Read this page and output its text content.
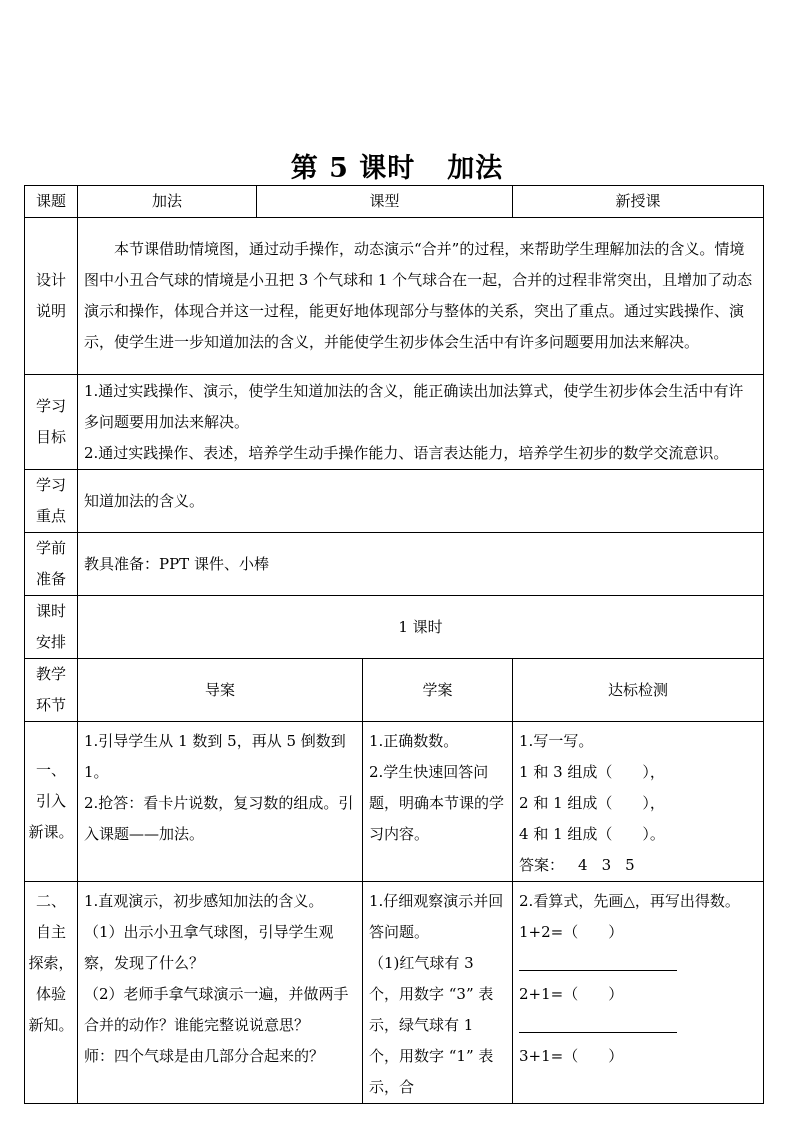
第 5 课时 加法
课题	加法	课型		新授课

设计
说明	本节课借助情境图，通过动手操作，动态演示“合并”的过程，来帮助学生理解加法的含义。情境图中小丑合气球的情境是小丑把 3 个气球和 1 个气球合在一起，合并的过程非常突出，且增加了动态演示和操作，体现合并这一过程，能更好地体现部分与整体的关系，突出了重点。通过实践操作、演示，使学生进一步知道加法的含义，并能使学生初步体会生活中有许多问题要用加法来解决。			

学习
目标	1.通过实践操作、演示，使学生知道加法的含义，能正确读出加法算式，使学生初步体会生活中有许多问题要用加法来解决。
2.通过实践操作、表述，培养学生动手操作能力、语言表达能力，培养学生初步的数学交流意识。			

学习
重点	知道加法的含义。			

学前
准备	教具准备：PPT 课件、小棒			

课时
安排	1 课时			

教学
环节	导案		学案	达标检测

一、
引入
新课。	1.引导学生从 1 数到 5，再从 5 倒数到 1。
2.抢答：看卡片说数，复习数的组成。引入课题——加法。		1.正确数数。
2.学生快速回答问题，明确本节课的学习内容。	1.写一写。
1 和 3 组成（　　），
2 和 1 组成（　　），
4 和 1 组成（　　）。
答案： 4 3 5

二、
自主
探索，
体验
新知。	1.直观演示，初步感知加法的含义。
（1）出示小丑拿气球图，引导学生观察，发现了什么？
（2）老师手拿气球演示一遍，并做两手合并的动作？谁能完整说说意思？
师：四个气球是由几部分合起来的？		1.仔细观察演示并回答问题。
（1)红气球有 3 个，用数字 “3” 表示，绿气球有 1 个，用数字 “1” 表示，合	2.看算式，先画△，再写出得数。
1+2=（　　）
2+1=（　　）
3+1=（　　）
